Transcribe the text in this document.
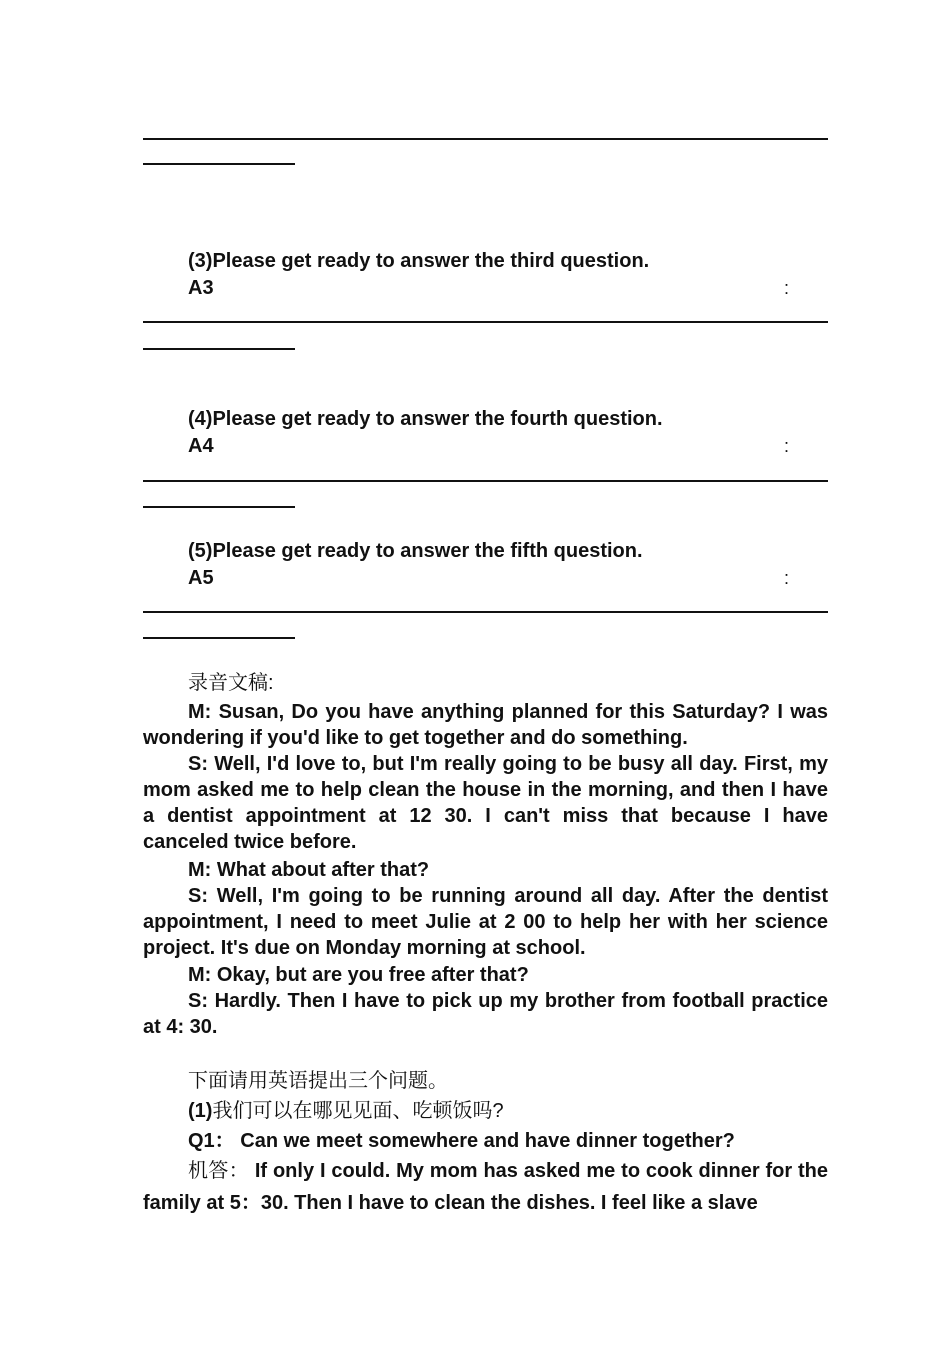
(3)Please get ready to answer the third question.
A3	:
(4)Please get ready to answer the fourth question.
A4	:
(5)Please get ready to answer the fifth question.
A5	:
录音文稿:
M: Susan, Do you have anything planned for this Saturday? I was wondering if you'd like to get together and do something.
S: Well, I'd love to, but I'm really going to be busy all day. First, my mom asked me to help clean the house in the morning, and then I have a dentist appointment at 12 30. I can't miss that because I have canceled twice before.
M: What about after that?
S: Well, I'm going to be running around all day. After the dentist appointment, I need to meet Julie at 2 00 to help her with her science project. It's due on Monday morning at school.
M: Okay, but are you free after that?
S: Hardly. Then I have to pick up my brother from football practice at 4: 30.
下面请用英语提出三个问题。
(1)我们可以在哪见见面、吃顿饭吗?
Q1： Can we meet somewhere and have dinner together?
机答： If only I could. My mom has asked me to cook dinner for the family at 5：30. Then I have to clean the dishes. I feel like a slave
